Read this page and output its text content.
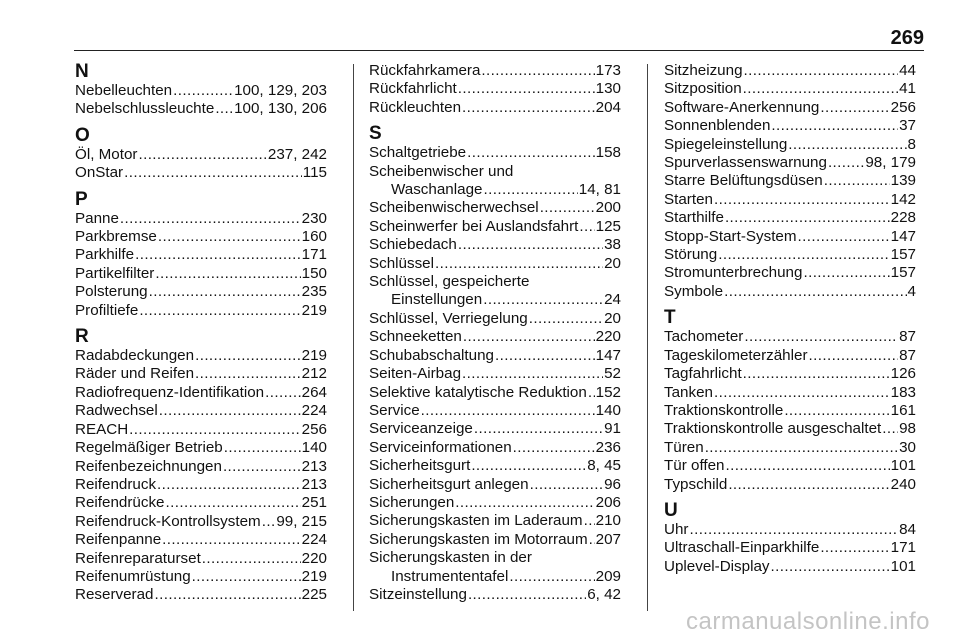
269
N
Nebelleuchten .....	100, 129, 203
Nebelschlussleuchte ..... 100, 130, 206
O
Öl, Motor .....	237, 242
OnStar .....	115
P
Panne .....	230
Parkbremse .....	160
Parkhilfe .....	171
Partikelfilter .....	150
Polsterung .....	235
Profiltiefe .....	219
R
Radabdeckungen .....	219
Räder und Reifen .....	212
Radiofrequenz-Identifikation ..... 264
Radwechsel .....	224
REACH .....	256
Regelmäßiger Betrieb .....	140
Reifenbezeichnungen .....	213
Reifendruck .....	213
Reifendrücke .....	251
Reifendruck-Kontrollsystem ..... 99, 215
Reifenpanne .....	224
Reifenreparaturset .....	220
Reifenumrüstung .....	219
Reserverad .....	225
Rückfahrkamera .....	173
Rückfahrlicht .....	130
Rückleuchten .....	204
S
Schaltgetriebe .....	158
Scheibenwischer und
Waschanlage .....	14, 81
Scheibenwischerwechsel .....	200
Scheinwerfer bei Auslandsfahrt ..... 125
Schiebedach .....	38
Schlüssel .....	20
Schlüssel, gespeicherte
Einstellungen .....	24
Schlüssel, Verriegelung .....	20
Schneeketten .....	220
Schubabschaltung .....	147
Seiten-Airbag .....	52
Selektive katalytische Reduktion ..... 152
Service .....	140
Serviceanzeige .....	91
Serviceinformationen .....	236
Sicherheitsgurt .....	8, 45
Sicherheitsgurt anlegen .....	96
Sicherungen .....	206
Sicherungskasten im Laderaum ..... 210
Sicherungskasten im Motorraum ..... 207
Sicherungskasten in der
Instrumententafel .....	209
Sitzeinstellung .....	6, 42
Sitzheizung .....	44
Sitzposition .....	41
Software-Anerkennung .....	256
Sonnenblenden .....	37
Spiegeleinstellung .....	8
Spurverlassenswarnung .....	98, 179
Starre Belüftungsdüsen .....	139
Starten .....	142
Starthilfe .....	228
Stopp-Start-System .....	147
Störung .....	157
Stromunterbrechung .....	157
Symbole .....	4
T
Tachometer .....	87
Tageskilometerzähler .....	87
Tagfahrlicht .....	126
Tanken .....	183
Traktionskontrolle .....	161
Traktionskontrolle ausgeschaltet ..... 98
Türen .....	30
Tür offen .....	101
Typschild .....	240
U
Uhr .....	84
Ultraschall-Einparkhilfe .....	171
Uplevel-Display .....	101
carmanualsonline.info
